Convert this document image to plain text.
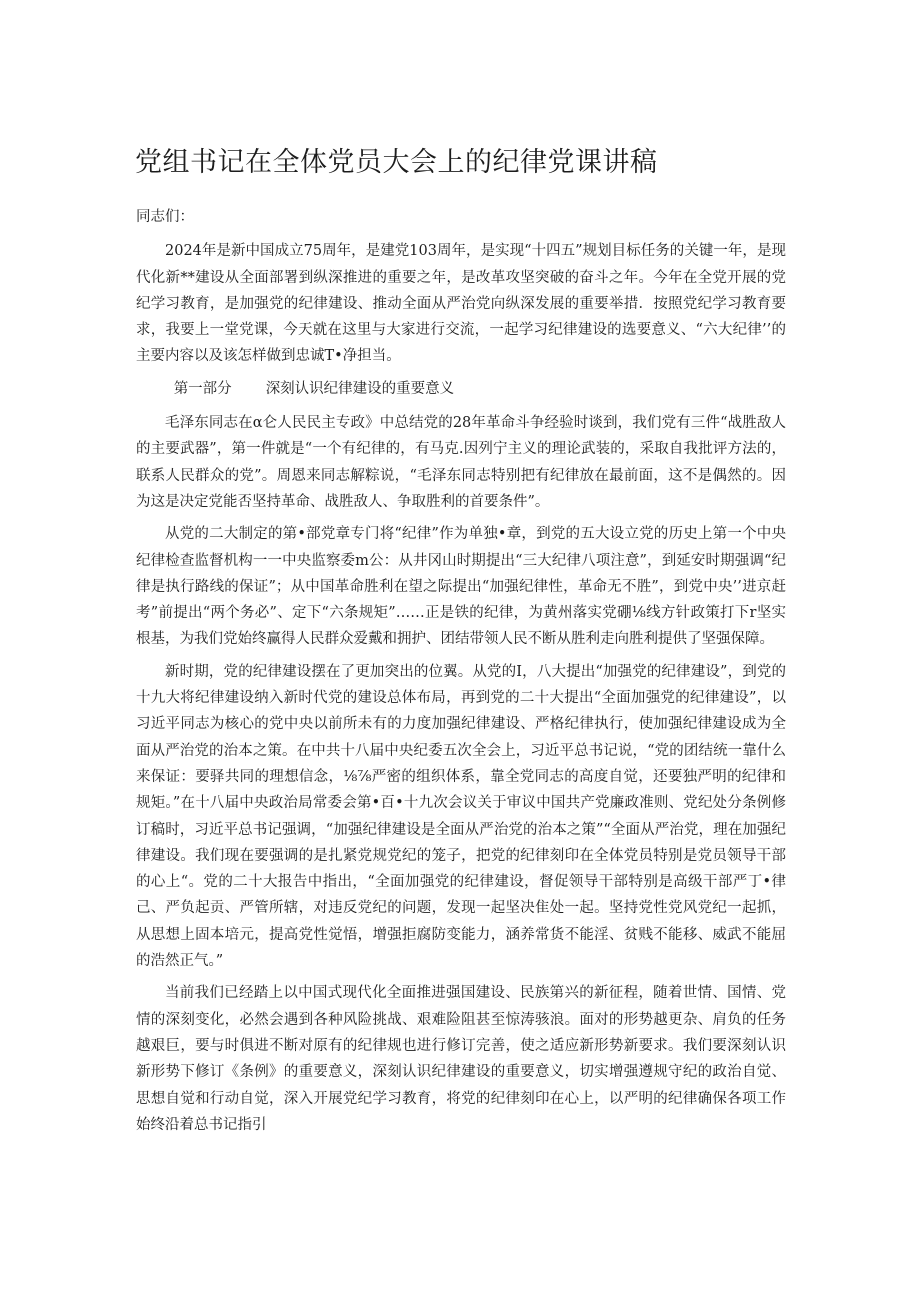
党组书记在全体党员大会上的纪律党课讲稿

同志们：

2024年是新中国成立75周年，是建党103周年，是实现“十四五”规划目标任务的关键一年，是现代化新**建设从全面部署到纵深推进的重要之年，是改革攻坚突破的奋斗之年。今年在全党开展的党纪学习教育，是加强党的纪律建设、推动全面从严治党向纵深发展的重要举措．按照党纪学习教育要求，我要上一堂党课，今天就在这里与大家进行交流，一起学习纪律建设的选要意义、“六大纪律’’的主要内容以及该怎样做到忠诚T•净担当。

第一部分 深刻认识纪律建设的重要意义

毛泽东同志在α仑人民民主专政》中总结党的28年革命斗争经验时谈到，我们党有三件“战胜敌人的主要武器”，第一件就是“一个有纪律的，有马克.因列宁主义的理论武装的，采取自我批评方法的，联系人民群众的党”。周恩来同志解粽说，“毛泽东同志特别把有纪律放在最前面，这不是偶然的。因为这是决定党能否坚持革命、战胜敌人、争取胜利的首要条件”。

从党的二大制定的第•部党章专门将“纪律”作为单独•章，到党的五大设立党的历史上第一个中央纪律检查监督机构一一中央监察委m公：从井冈山时期提出“三大纪律八项注意”，到延安时期强调“纪律是执行路线的保证”；从中国革命胜利在望之际提出“加强纪律性，革命无不胜”，到党中央’’进京赶考”前提出“两个务必”、定下“六条规矩”……正是铁的纪律，为黄州落实党硼⅛线方针政策打下r坚实根基，为我们党始终赢得人民群众爱戴和拥护、团结带领人民不断从胜利走向胜利提供了坚强保障。

新时期，党的纪律建设摆在了更加突出的位翼。从党的I，八大提出“加强党的纪律建设”，到党的十九大将纪律建设纳入新时代党的建设总体布局，再到党的二十大提出“全面加强党的纪律建设”，以习近平同志为核心的党中央以前所未有的力度加强纪律建设、严格纪律执行，使加强纪律建设成为全面从严治党的治本之策。在中共十八届中央纪委五次全会上，习近平总书记说，“党的团结统一靠什么来保证：要驿共同的理想信念，⅛⅞严密的组织体系，靠全党同志的高度自觉，还要独严明的纪律和规矩。”在十八届中央政治局常委会第•百•十九次会议关于审议中国共产党廉政准则、党纪处分条例修订稿时，习近平总书记强调，“加强纪律建设是全面从严治党的治本之策”“全面从严治党，理在加强纪律建设。我们现在要强调的是扎紧党规党纪的笼子，把党的纪律刻印在全体党员特别是党员领导干部的心上“。党的二十大报告中指出，“全面加强党的纪律建设，督促领导干部特别是高级干部严丁•律己、严负起贡、严管所辖，对违反党纪的问题，发现一起坚决隹处一起。坚持党性党风党纪一起抓，从思想上固本培元，提高党性觉悟，增强拒腐防变能力，涵养常货不能淫、贫贱不能移、威武不能屈的浩然正气。”

当前我们已经踏上以中国式现代化全面推进强国建设、民族第兴的新征程，随着世情、国情、党情的深刻变化，必然会遇到各种风险挑战、艰难险阻甚至惊涛骇浪。面对的形势越更杂、肩负的任务越艰巨，要与时俱进不断对原有的纪律规也进行修订完善，使之适应新形势新要求。我们要深刻认识新形势下修订《条例》的重要意义，深刻认识纪律建设的重要意义，切实增强遵规守纪的政治自觉、思想自觉和行动自觉，深入开展党纪学习教育，将党的纪律刻印在心上，以严明的纪律确保各项工作始终沿着总书记指引
